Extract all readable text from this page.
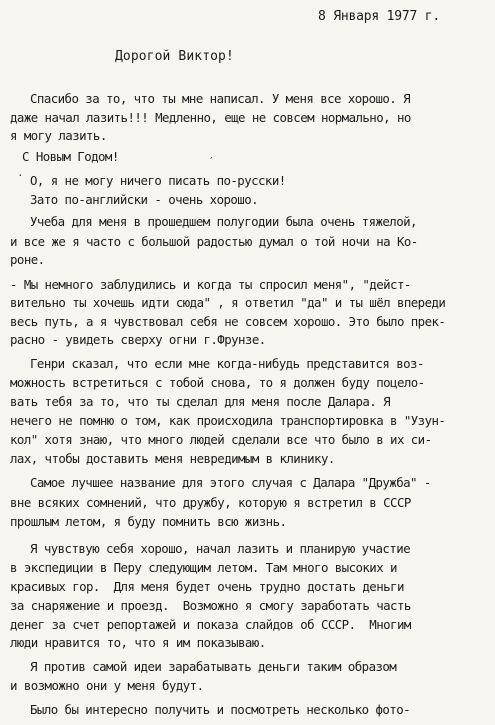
8 Января 1977 г.
Дорогой Виктор!
Спасибо за то, что ты мне написал. У меня все хорошо. Я
даже начал лазить!!! Медленно, еще не совсем нормально, но
я могу лазить.
С Новым Годом!	′
· О, я не могу ничего писать по-русски!
Зато по-английски - очень хорошо.
Учеба для меня в прошедшем полугодии была очень тяжелой,
и все же я часто с большой радостью думал о той ночи на Ко-
роне.
- Мы немного заблудились и когда ты спросил меня", "дейст-
вительно ты хочешь идти сюда" , я ответил "да" и ты шёл впереди
весь путь, а я чувствовал себя не совсем хорошо. Это было прек-
расно - увидеть сверху огни г.Фрунзе.
Генри сказал, что если мне когда-нибудь представится воз-
можность встретиться с тобой снова, то я должен буду поцело-
вать тебя за то, что ты сделал для меня после Далара. Я
нечего не помню о том, как происходила транспортировка в "Узун-
кол" хотя знаю, что много людей сделали все что было в их си-
лах, чтобы доставить меня невредимым в клинику.
Самое лучшее название для этого случая с Далара "Дружба" -
вне всяких сомнений, что дружбу, которую я встретил в СССР
прошлым летом, я буду помнить всю жизнь.
Я чувствую себя хорошо, начал лазить и планирую участие
в экспедиции в Перу следующим летом. Там много высоких и
красивых гор.  Для меня будет очень трудно достать деньги
за снаряжение и проезд.  Возможно я смогу заработать часть
денег за счет репортажей и показа слайдов об СССР.  Многим
люди нравится то, что я им показываю.
Я против самой идеи зарабатывать деньги таким образом
и возможно они у меня будут.
Было бы интересно получить и посмотреть несколько фото-
